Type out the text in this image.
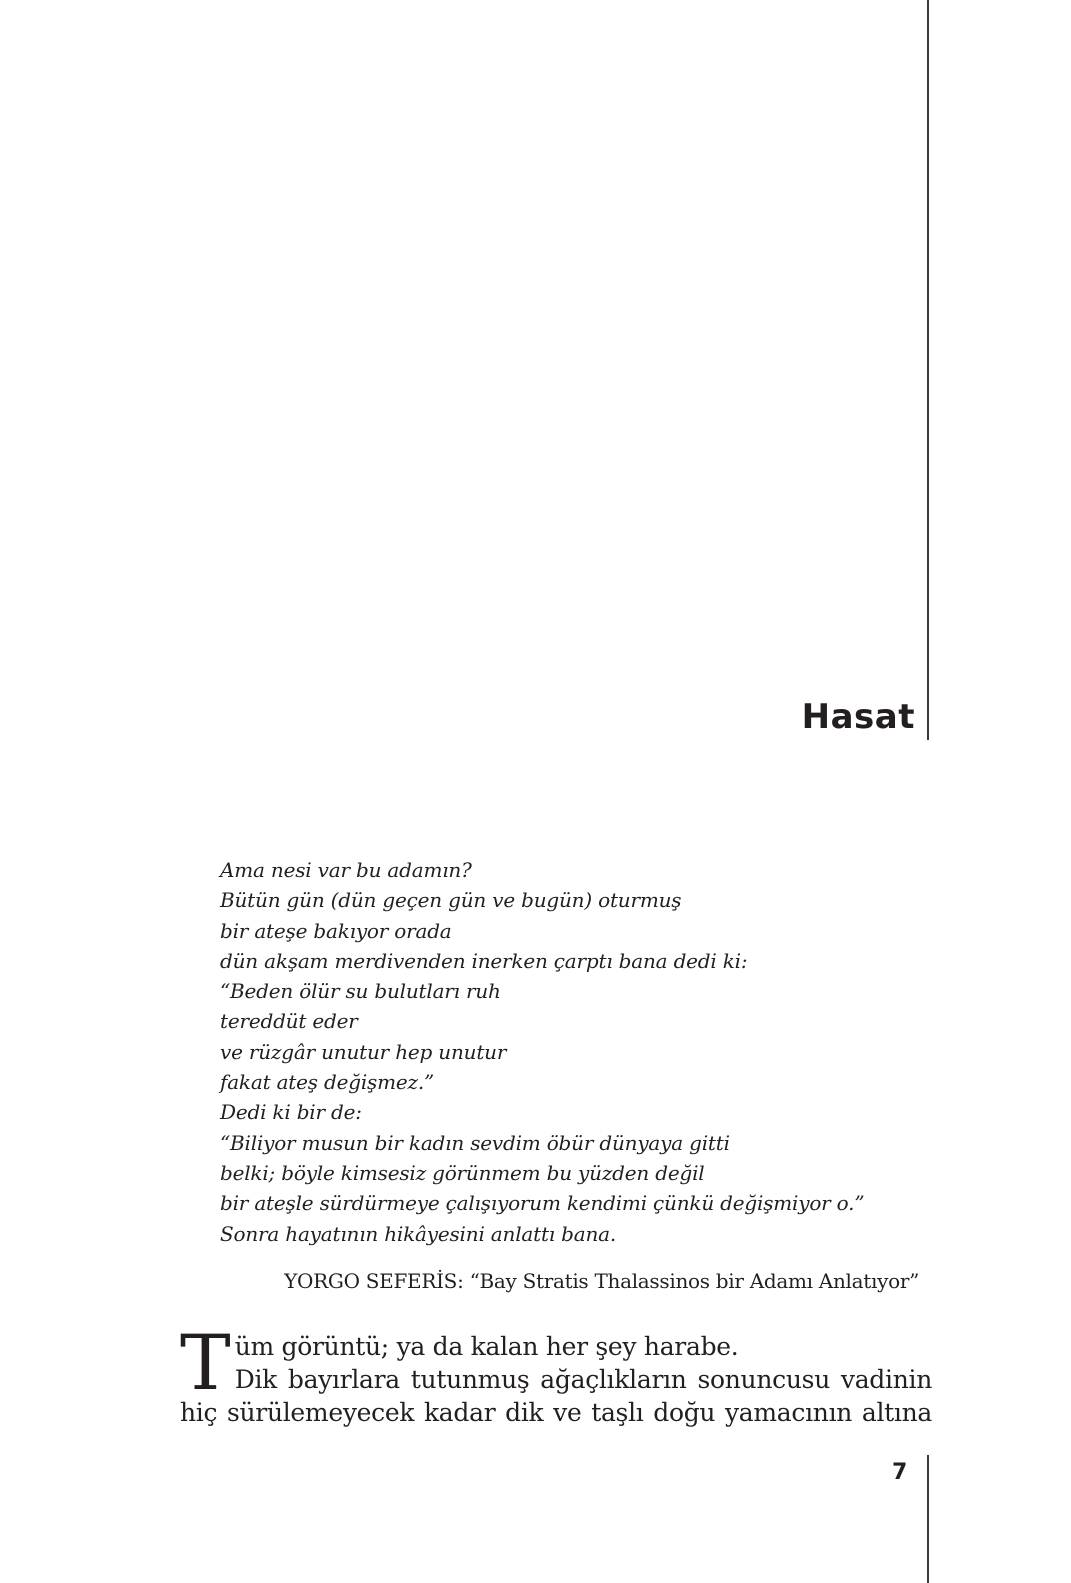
Hasat
Ama nesi var bu adamın?
Bütün gün (dün geçen gün ve bugün) oturmuş
bir ateşe bakıyor orada
dün akşam merdivenden inerken çarptı bana dedi ki:
“Beden ölür su bulutları ruh
tereddüt eder
ve rüzgâr unutur hep unutur
fakat ateş değişmez.”
Dedi ki bir de:
“Biliyor musun bir kadın sevdim öbür dünyaya gitti
belki; böyle kimsesiz görünmem bu yüzden değil
bir ateşle sürdürmeye çalışıyorum kendimi çünkü değişmiyor o.”
Sonra hayatının hikâyesini anlattı bana.
YORGO SEFERİS: “Bay Stratis Thalassinos bir Adamı Anlatıyor”
T üm görüntü; ya da kalan her şey harabe.
Dik bayırlara tutunmuş ağaçlıkların sonuncusu vadinin
hiç sürülemeyecek kadar dik ve taşlı doğu yamacının altına
7
